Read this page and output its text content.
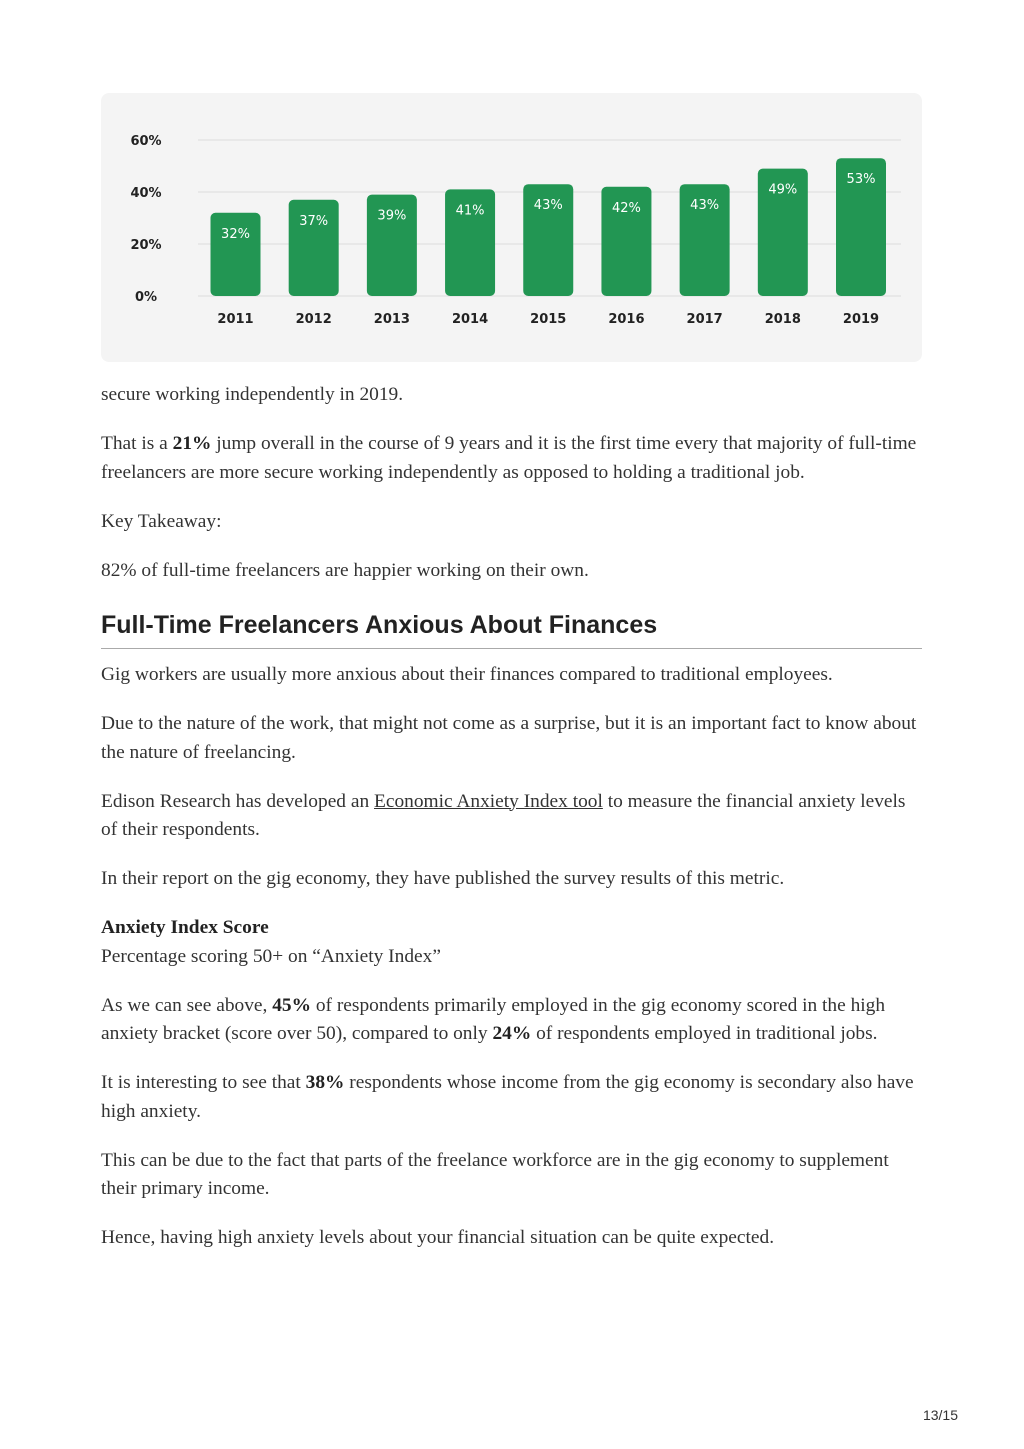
0%
20%
40%
60%
32%
2011
37%
2012
39%
2013
41%
2014
43%
2015
42%
2016
43%
2017
49%
2018
53%
2019

secure working independently in 2019.

That is a 21% jump overall in the course of 9 years and it is the first time every that majority of full-time freelancers are more secure working independently as opposed to holding a traditional job.

Key Takeaway:

82% of full-time freelancers are happier working on their own.

Full-Time Freelancers Anxious About Finances

Gig workers are usually more anxious about their finances compared to traditional employees.

Due to the nature of the work, that might not come as a surprise, but it is an important fact to know about the nature of freelancing.

Edison Research has developed an Economic Anxiety Index tool to measure the financial anxiety levels of their respondents.

In their report on the gig economy, they have published the survey results of this metric.

Anxiety Index Score
Percentage scoring 50+ on “Anxiety Index”

As we can see above, 45% of respondents primarily employed in the gig economy scored in the high anxiety bracket (score over 50), compared to only 24% of respondents employed in traditional jobs.

It is interesting to see that 38% respondents whose income from the gig economy is secondary also have high anxiety.

This can be due to the fact that parts of the freelance workforce are in the gig economy to supplement their primary income.

Hence, having high anxiety levels about your financial situation can be quite expected.

13/15
